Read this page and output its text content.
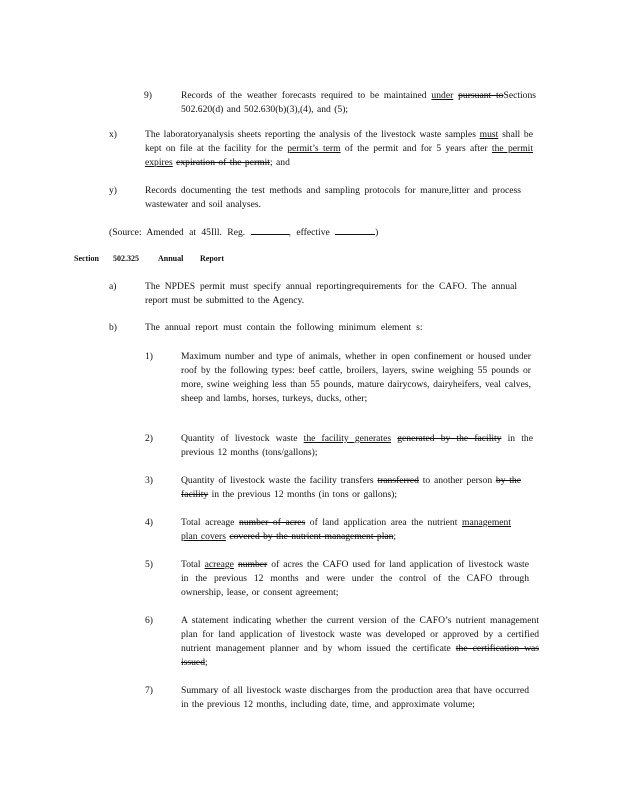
9)	Records of the weather forecasts required to be maintained under pursuant toSections 502.620(d) and 502.630(b)(3),(4), and (5);
x)	The laboratoryanalysis sheets reporting the analysis of the livestock waste samples must shall be kept on file at the facility for the permit’s term of the permit and for 5 years after the permit expires expiration of the permit; and
y)	Records documenting the test methods and sampling protocols for manure,litter and process wastewater and soil analyses.
(Source: Amended at 45Ill. Reg.	, effective	)
Section 502.325 Annual Report
a)	The NPDES permit must specify annual reportingrequirements for the CAFO. The annual report must be submitted to the Agency.
b)	The annual report must contain the following minimum element s:
1)	Maximum number and type of animals, whether in open confinement or housed under roof by the following types: beef cattle, broilers, layers, swine weighing 55 pounds or more, swine weighing less than 55 pounds, mature dairycows, dairyheifers, veal calves, sheep and lambs, horses, turkeys, ducks, other;
2)	Quantity of livestock waste the facility generates generated by the facility in the previous 12 months (tons/gallons);
3)	Quantity of livestock waste the facility transfers transferred to another person by the facility in the previous 12 months (in tons or gallons);
4)	Total acreage number of acres of land application area the nutrient management plan covers covered by the nutrient management plan;
5)	Total acreage number of acres the CAFO used for land application of livestock waste in the previous 12 months and were under the control of the CAFO through ownership, lease, or consent agreement;
6)	A statement indicating whether the current version of the CAFO’s nutrient management plan for land application of livestock waste was developed or approved by a certified nutrient management planner and by whom issued the certificate the certification was issued;
7)	Summary of all livestock waste discharges from the production area that have occurred in the previous 12 months, including date, time, and approximate volume;
